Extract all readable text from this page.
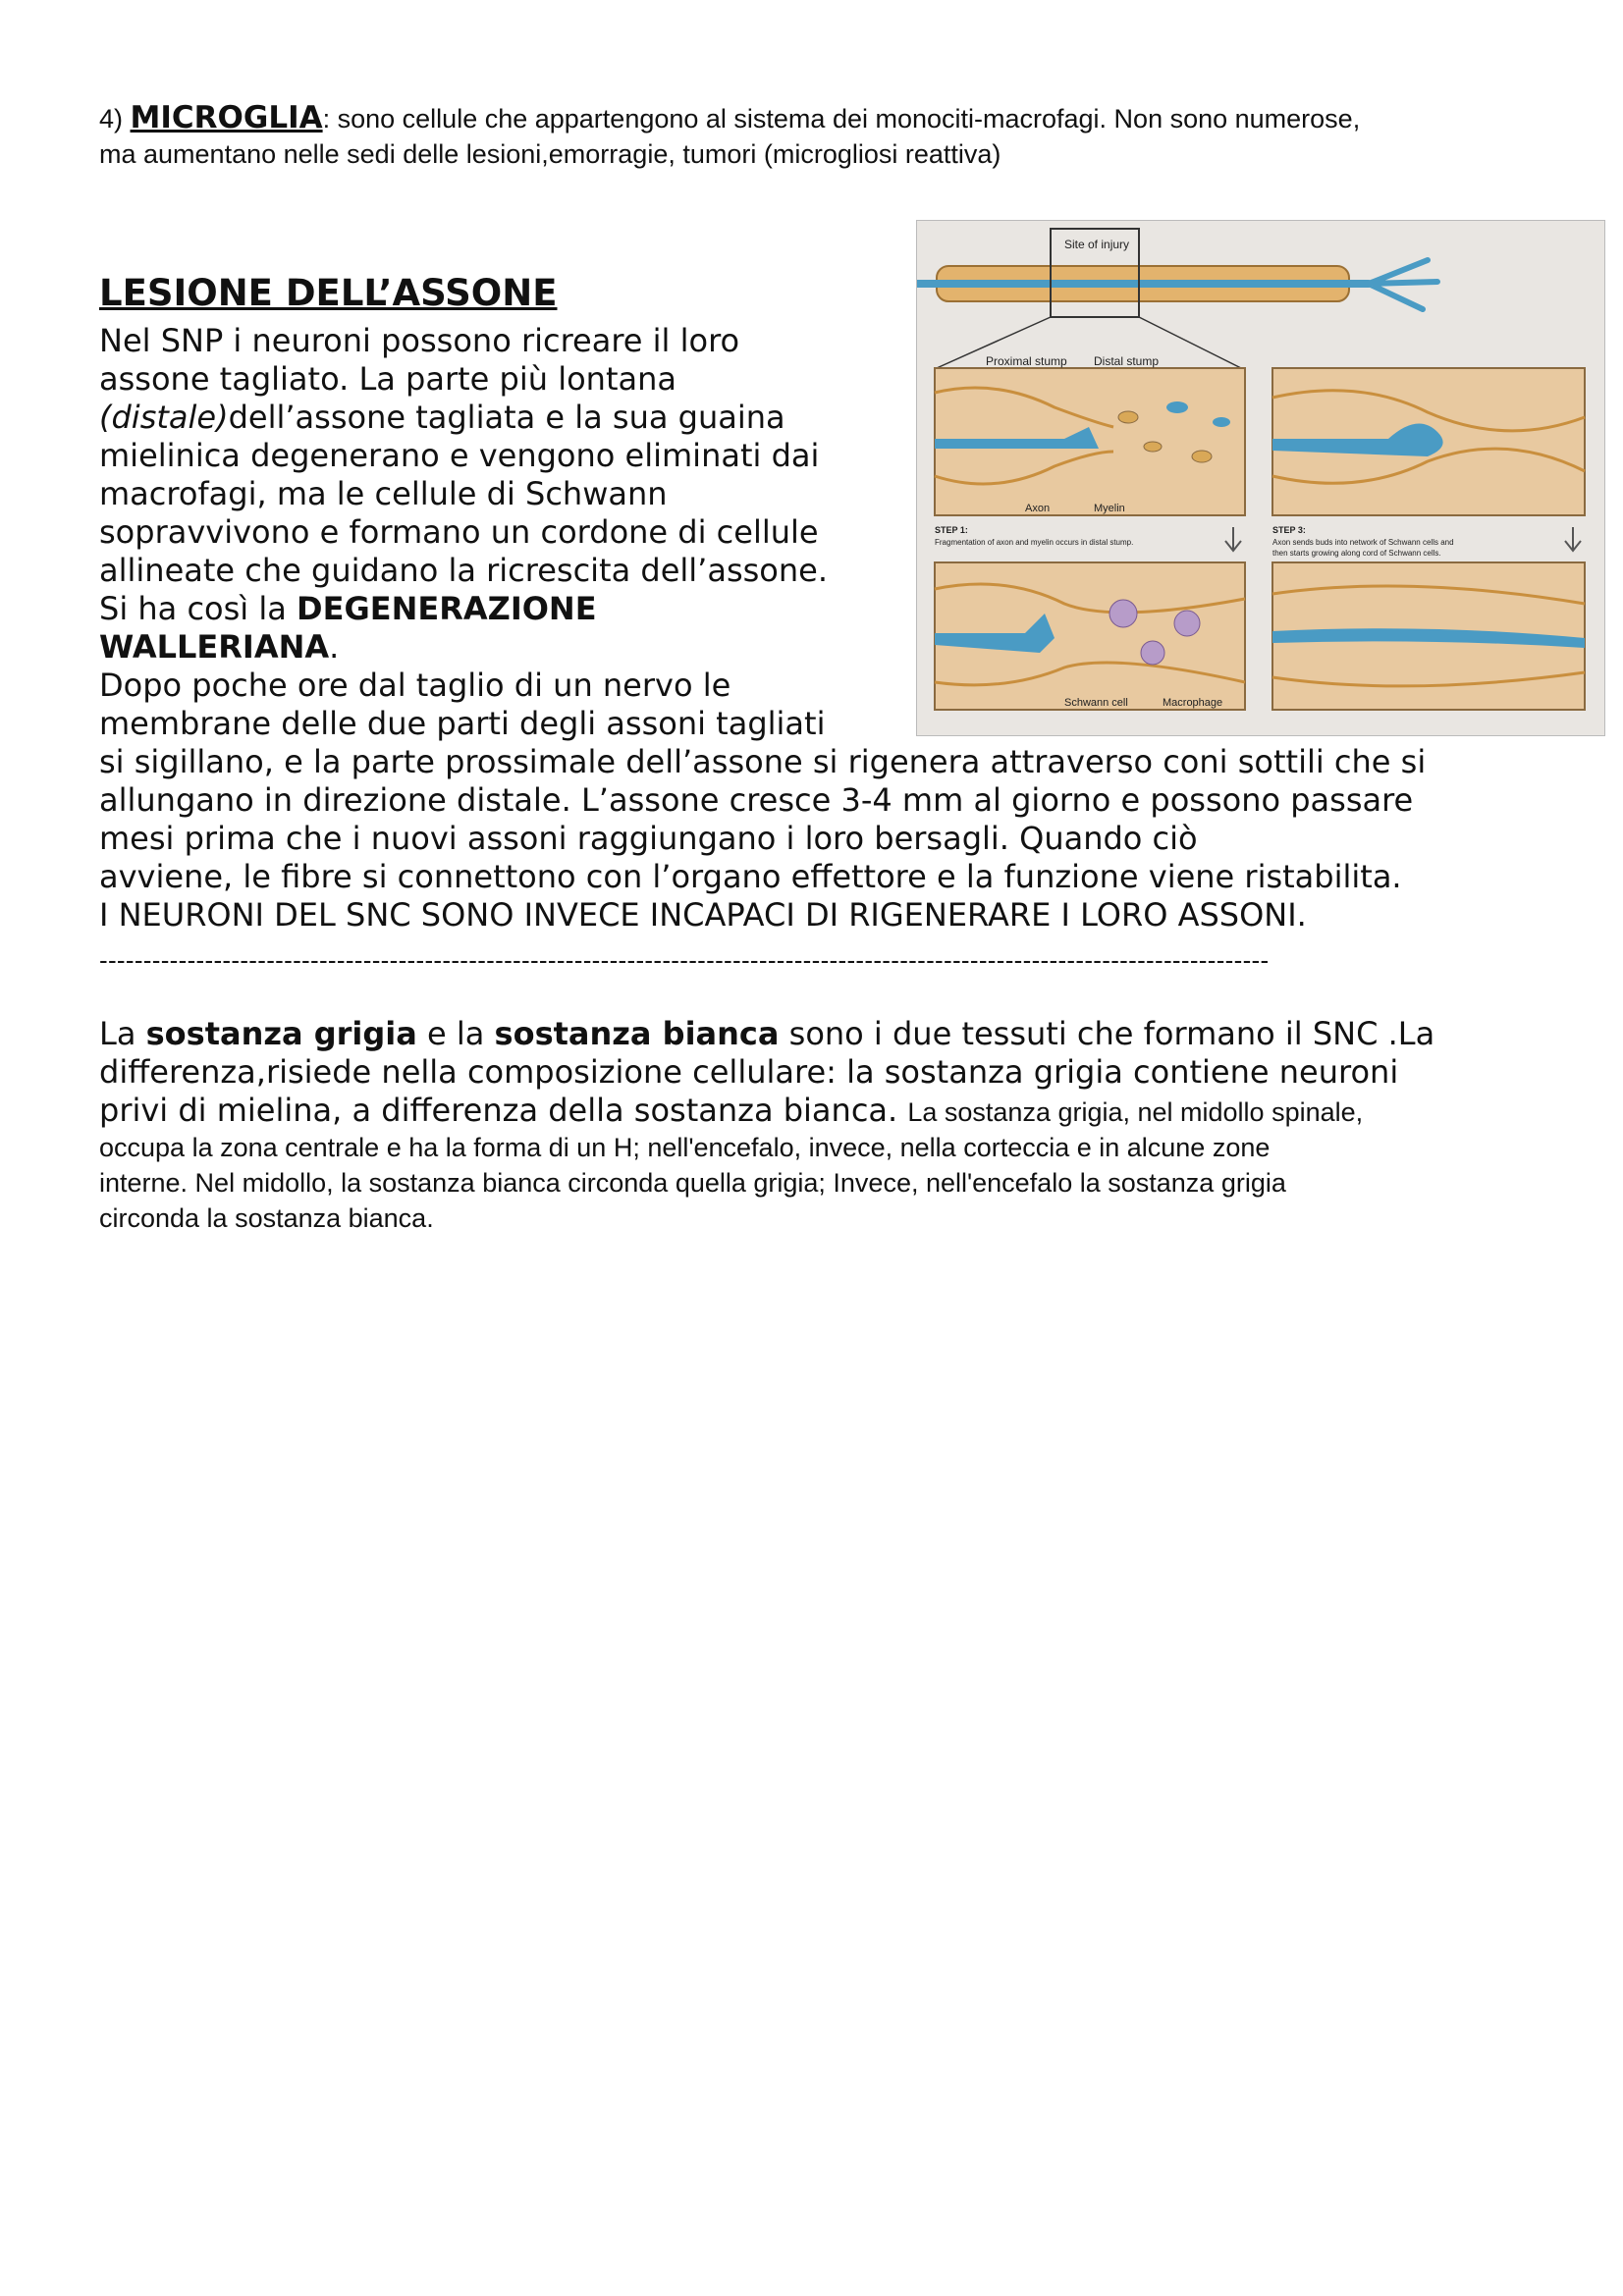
4) MICROGLIA: sono cellule che appartengono al sistema dei monociti-macrofagi. Non sono numerose,
ma aumentano nelle sedi delle lesioni,emorragie, tumori (microgliosi reattiva)
LESIONE DELL’ASSONE
Nel SNP i neuroni possono ricreare il loro
assone tagliato. La parte più lontana
(distale)dell’assone tagliata e la sua guaina
mielinica degenerano e vengono eliminati dai
macrofagi, ma le cellule di Schwann
sopravvivono e formano un cordone di cellule
allineate che guidano la ricrescita dell’assone.
Si ha così la DEGENERAZIONE
WALLERIANA.
Dopo poche ore dal taglio di un nervo le
membrane delle due parti degli assoni tagliati
si sigillano, e la parte prossimale dell’assone si rigenera attraverso coni sottili che si
allungano in direzione distale. L’assone cresce 3-4 mm al giorno e possono passare
mesi prima che i nuovi assoni raggiungano i loro bersagli. Quando ciò
avviene, le fibre si connettono con l’organo effettore e la funzione viene ristabilita.
I NEURONI DEL SNC SONO INVECE INCAPACI DI RIGENERARE I LORO ASSONI.
Site of injury
Proximal stump Distal stump
Axon	Myelin
STEP 1:
Fragmentation of axon and myelin occurs in distal stump.
STEP 3:
Axon sends buds into network of Schwann cells and
then starts growing along cord of Schwann cells.
Schwann cell	Macrophage
-------------------------------------------------------------------------------------------------------------------------------------
La sostanza grigia e la sostanza bianca sono i due tessuti che formano il SNC .La
differenza,risiede nella composizione cellulare: la sostanza grigia contiene neuroni
privi di mielina, a differenza della sostanza bianca. La sostanza grigia, nel midollo spinale,
occupa la zona centrale e ha la forma di un H; nell'encefalo, invece, nella corteccia e in alcune zone
interne. Nel midollo, la sostanza bianca circonda quella grigia; Invece, nell'encefalo la sostanza grigia
circonda la sostanza bianca.
